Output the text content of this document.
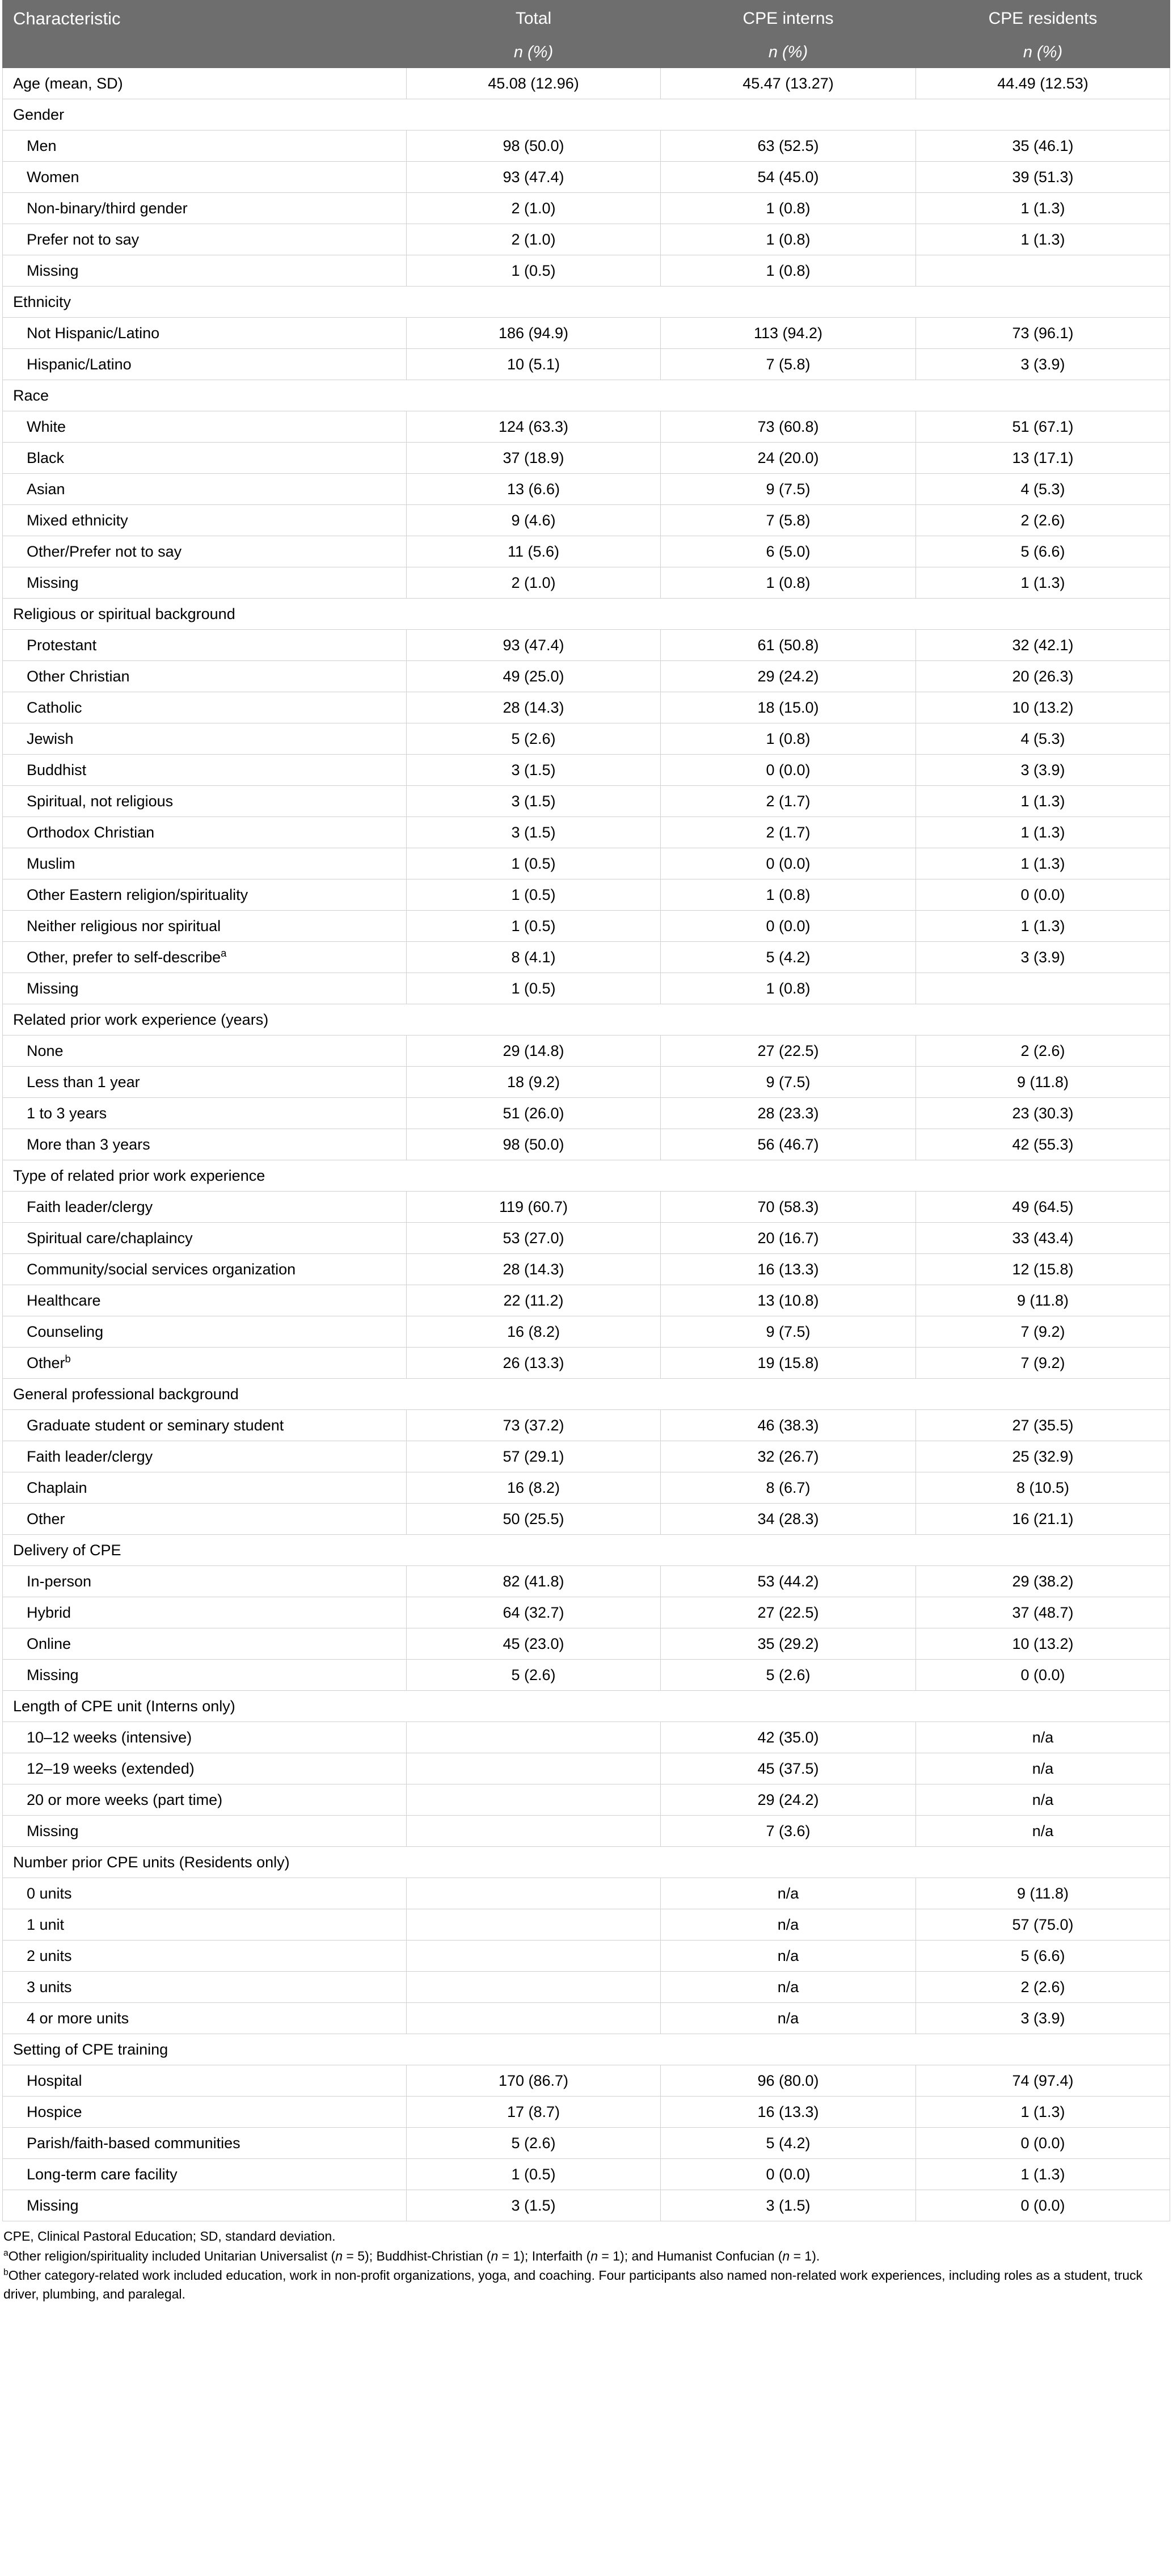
Characteristic	Total	CPE interns	CPE residents
	n (%)	n (%)	n (%)
Age (mean, SD)	45.08 (12.96)	45.47 (13.27)	44.49 (12.53)
Gender			
Men	98 (50.0)	63 (52.5)	35 (46.1)
Women	93 (47.4)	54 (45.0)	39 (51.3)
Non-binary/third gender	2 (1.0)	1 (0.8)	1 (1.3)
Prefer not to say	2 (1.0)	1 (0.8)	1 (1.3)
Missing	1 (0.5)	1 (0.8)	
Ethnicity			
Not Hispanic/Latino	186 (94.9)	113 (94.2)	73 (96.1)
Hispanic/Latino	10 (5.1)	7 (5.8)	3 (3.9)
Race			
White	124 (63.3)	73 (60.8)	51 (67.1)
Black	37 (18.9)	24 (20.0)	13 (17.1)
Asian	13 (6.6)	9 (7.5)	4 (5.3)
Mixed ethnicity	9 (4.6)	7 (5.8)	2 (2.6)
Other/Prefer not to say	11 (5.6)	6 (5.0)	5 (6.6)
Missing	2 (1.0)	1 (0.8)	1 (1.3)
Religious or spiritual background			
Protestant	93 (47.4)	61 (50.8)	32 (42.1)
Other Christian	49 (25.0)	29 (24.2)	20 (26.3)
Catholic	28 (14.3)	18 (15.0)	10 (13.2)
Jewish	5 (2.6)	1 (0.8)	4 (5.3)
Buddhist	3 (1.5)	0 (0.0)	3 (3.9)
Spiritual, not religious	3 (1.5)	2 (1.7)	1 (1.3)
Orthodox Christian	3 (1.5)	2 (1.7)	1 (1.3)
Muslim	1 (0.5)	0 (0.0)	1 (1.3)
Other Eastern religion/spirituality	1 (0.5)	1 (0.8)	0 (0.0)
Neither religious nor spiritual	1 (0.5)	0 (0.0)	1 (1.3)
Other, prefer to self-describe$^a$	8 (4.1)	5 (4.2)	3 (3.9)
Missing	1 (0.5)	1 (0.8)	
Related prior work experience (years)			
None	29 (14.8)	27 (22.5)	2 (2.6)
Less than 1 year	18 (9.2)	9 (7.5)	9 (11.8)
1 to 3 years	51 (26.0)	28 (23.3)	23 (30.3)
More than 3 years	98 (50.0)	56 (46.7)	42 (55.3)
Type of related prior work experience			
Faith leader/clergy	119 (60.7)	70 (58.3)	49 (64.5)
Spiritual care/chaplaincy	53 (27.0)	20 (16.7)	33 (43.4)
Community/social services organization	28 (14.3)	16 (13.3)	12 (15.8)
Healthcare	22 (11.2)	13 (10.8)	9 (11.8)
Counseling	16 (8.2)	9 (7.5)	7 (9.2)
Other$^b$	26 (13.3)	19 (15.8)	7 (9.2)
General professional background			
Graduate student or seminary student	73 (37.2)	46 (38.3)	27 (35.5)
Faith leader/clergy	57 (29.1)	32 (26.7)	25 (32.9)
Chaplain	16 (8.2)	8 (6.7)	8 (10.5)
Other	50 (25.5)	34 (28.3)	16 (21.1)
Delivery of CPE			
In-person	82 (41.8)	53 (44.2)	29 (38.2)
Hybrid	64 (32.7)	27 (22.5)	37 (48.7)
Online	45 (23.0)	35 (29.2)	10 (13.2)
Missing	5 (2.6)	5 (2.6)	0 (0.0)
Length of CPE unit (Interns only)			
10–12 weeks (intensive)		42 (35.0)	n/a
12–19 weeks (extended)		45 (37.5)	n/a
20 or more weeks (part time)		29 (24.2)	n/a
Missing		7 (3.6)	n/a
Number prior CPE units (Residents only)			
0 units		n/a	9 (11.8)
1 unit		n/a	57 (75.0)
2 units		n/a	5 (6.6)
3 units		n/a	2 (2.6)
4 or more units		n/a	3 (3.9)
Setting of CPE training			
Hospital	170 (86.7)	96 (80.0)	74 (97.4)
Hospice	17 (8.7)	16 (13.3)	1 (1.3)
Parish/faith-based communities	5 (2.6)	5 (4.2)	0 (0.0)
Long-term care facility	1 (0.5)	0 (0.0)	1 (1.3)
Missing	3 (1.5)	3 (1.5)	0 (0.0)
CPE, Clinical Pastoral Education; SD, standard deviation.
$^a$Other religion/spirituality included Unitarian Universalist (n = 5); Buddhist-Christian (n = 1); Interfaith (n = 1); and Humanist Confucian (n = 1).
$^b$Other category-related work included education, work in non-profit organizations, yoga, and coaching. Four participants also named non-related work experiences, including roles as a student, truck driver, plumbing, and paralegal.
